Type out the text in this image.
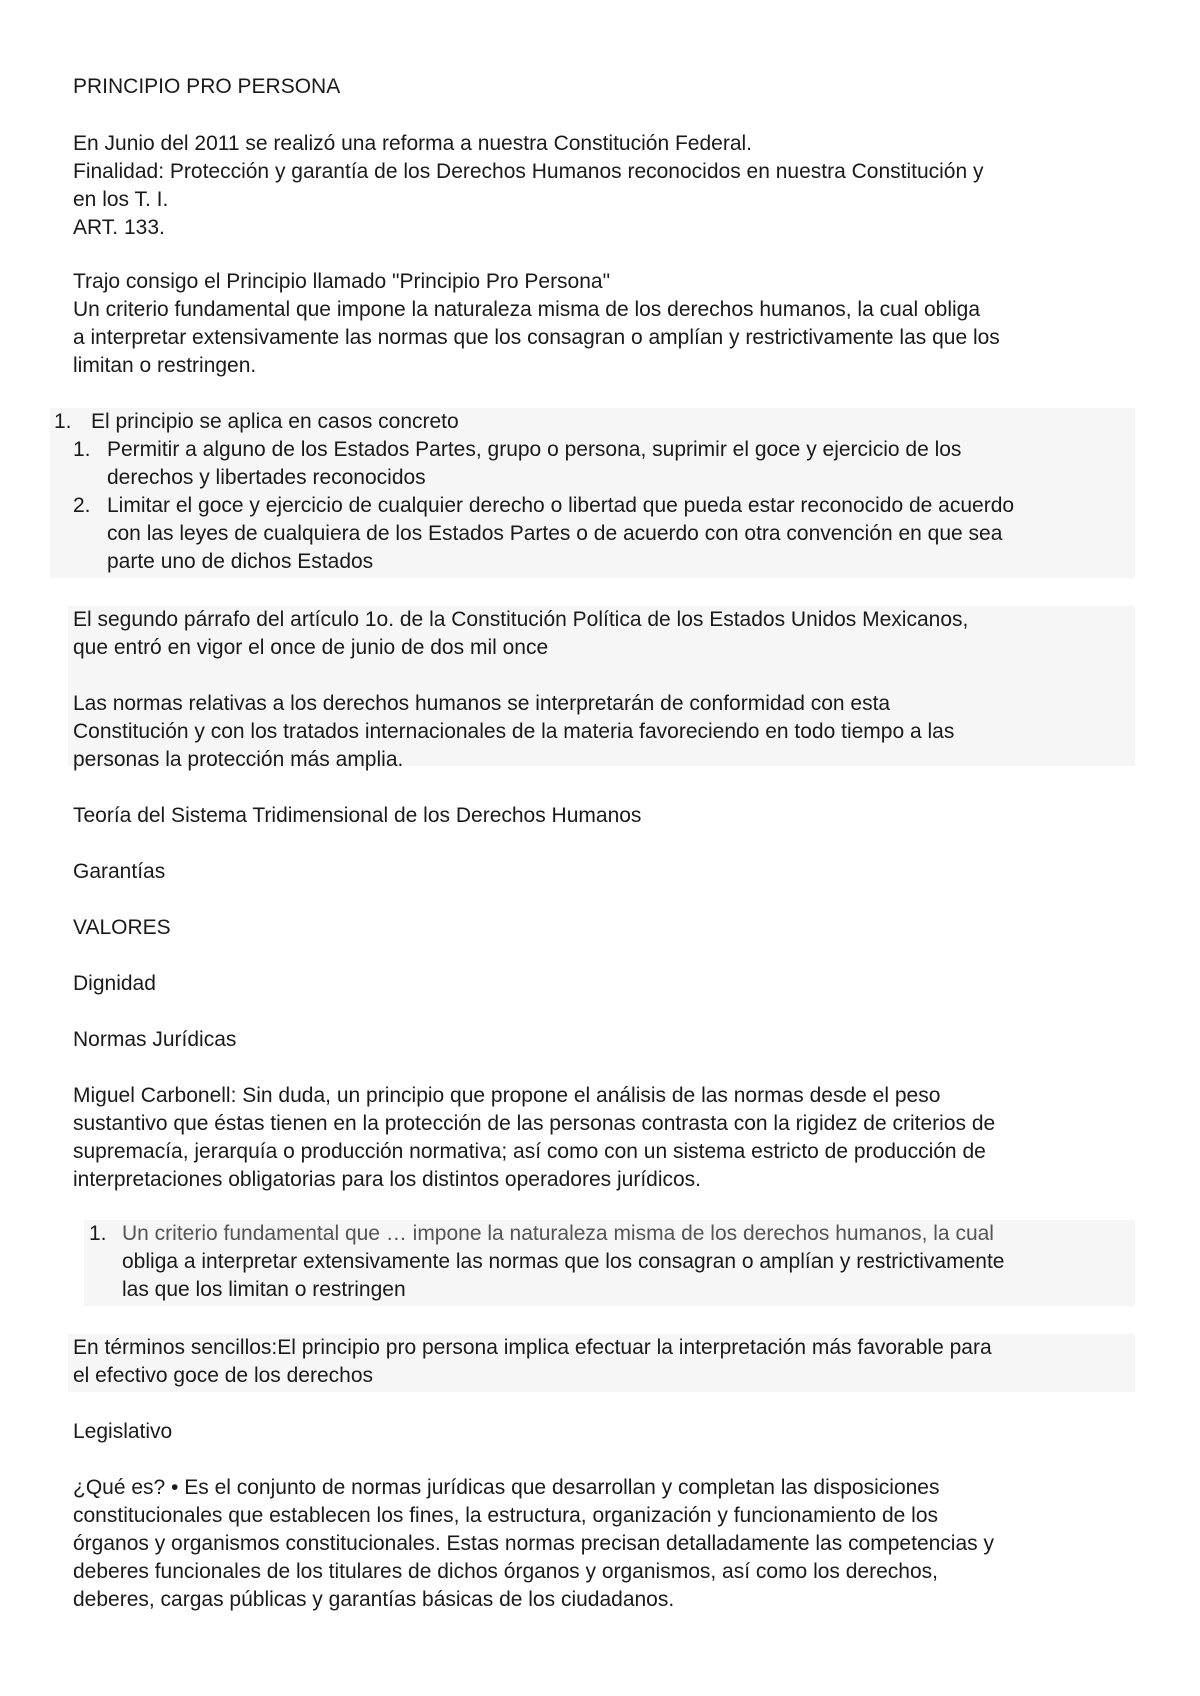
PRINCIPIO PRO PERSONA
En Junio del 2011 se realizó una reforma a nuestra Constitución Federal.
Finalidad: Protección y garantía de los Derechos Humanos reconocidos en nuestra Constitución y
en los T. I.
ART. 133.
Trajo consigo el Principio llamado "Principio Pro Persona"
Un criterio fundamental que impone la naturaleza misma de los derechos humanos, la cual obliga
a interpretar extensivamente las normas que los consagran o amplían y restrictivamente las que los
limitan o restringen.
1. El principio se aplica en casos concreto
1. Permitir a alguno de los Estados Partes, grupo o persona, suprimir el goce y ejercicio de los
derechos y libertades reconocidos
2. Limitar el goce y ejercicio de cualquier derecho o libertad que pueda estar reconocido de acuerdo
con las leyes de cualquiera de los Estados Partes o de acuerdo con otra convención en que sea
parte uno de dichos Estados
El segundo párrafo del artículo 1o. de la Constitución Política de los Estados Unidos Mexicanos,
que entró en vigor el once de junio de dos mil once
Las normas relativas a los derechos humanos se interpretarán de conformidad con esta
Constitución y con los tratados internacionales de la materia favoreciendo en todo tiempo a las
personas la protección más amplia.
Teoría del Sistema Tridimensional de los Derechos Humanos
Garantías
VALORES
Dignidad
Normas Jurídicas
Miguel Carbonell: Sin duda, un principio que propone el análisis de las normas desde el peso
sustantivo que éstas tienen en la protección de las personas contrasta con la rigidez de criterios de
supremacía, jerarquía o producción normativa; así como con un sistema estricto de producción de
interpretaciones obligatorias para los distintos operadores jurídicos.
1. Un criterio fundamental que … impone la naturaleza misma de los derechos humanos, la cual
obliga a interpretar extensivamente las normas que los consagran o amplían y restrictivamente
las que los limitan o restringen
En términos sencillos:El principio pro persona implica efectuar la interpretación más favorable para
el efectivo goce de los derechos
Legislativo
¿Qué es? • Es el conjunto de normas jurídicas que desarrollan y completan las disposiciones
constitucionales que establecen los fines, la estructura, organización y funcionamiento de los
órganos y organismos constitucionales. Estas normas precisan detalladamente las competencias y
deberes funcionales de los titulares de dichos órganos y organismos, así como los derechos,
deberes, cargas públicas y garantías básicas de los ciudadanos.
